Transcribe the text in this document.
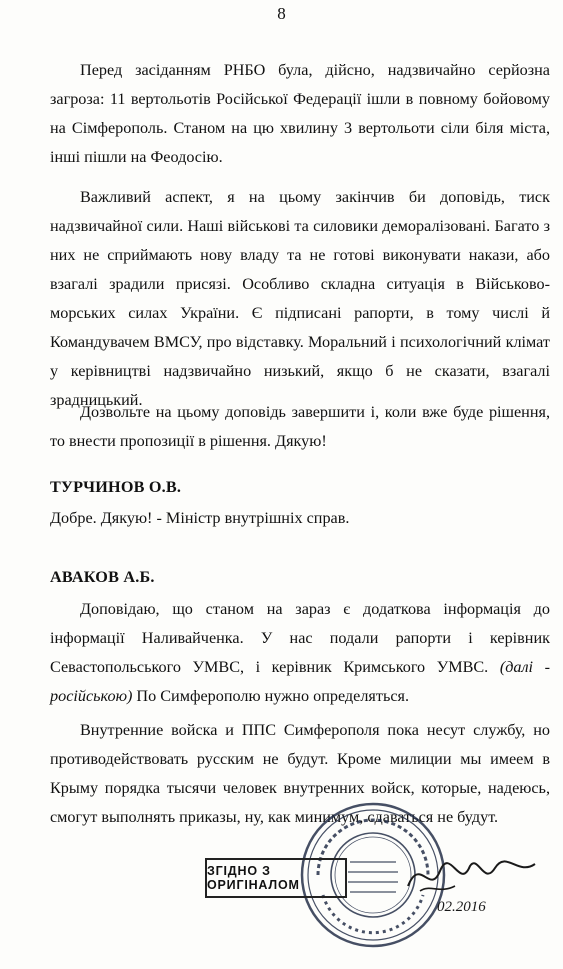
8

Перед засіданням РНБО була, дійсно, надзвичайно серйозна загроза: 11 вертольотів Російської Федерації ішли в повному бойовому на Сімферополь. Станом на цю хвилину 3 вертольоти сіли біля міста, інші пішли на Феодосію.

Важливий аспект, я на цьому закінчив би доповідь, тиск надзвичайної сили. Наші військові та силовики деморалізовані. Багато з них не сприймають нову владу та не готові виконувати накази, або взагалі зрадили присязі. Особливо складна ситуація в Військово-морських силах України. Є підписані рапорти, в тому числі й Командувачем ВМСУ, про відставку. Моральний і психологічний клімат у керівництві надзвичайно низький, якщо б не сказати, взагалі зрадницький.

Дозвольте на цьому доповідь завершити і, коли вже буде рішення, то внести пропозиції в рішення. Дякую!

ТУРЧИНОВ О.В.

Добре. Дякую! - Міністр внутрішніх справ.

АВАКОВ А.Б.

Доповідаю, що станом на зараз є додаткова інформація до інформації Наливайченка. У нас подали рапорти і керівник Севастопольського УМВС, і керівник Кримського УМВС. (далі - російською) По Симферополю нужно определяться.

Внутренние войска и ППС Симферополя пока несут службу, но противодействовать русским не будут. Кроме милиции мы имеем в Крыму порядка тысячи человек внутренних войск, которые, надеюсь, смогут выполнять приказы, ну, как минимум, сдаваться не будут.

ЗГІДНО З ОРИГІНАЛОМ
02.2016
